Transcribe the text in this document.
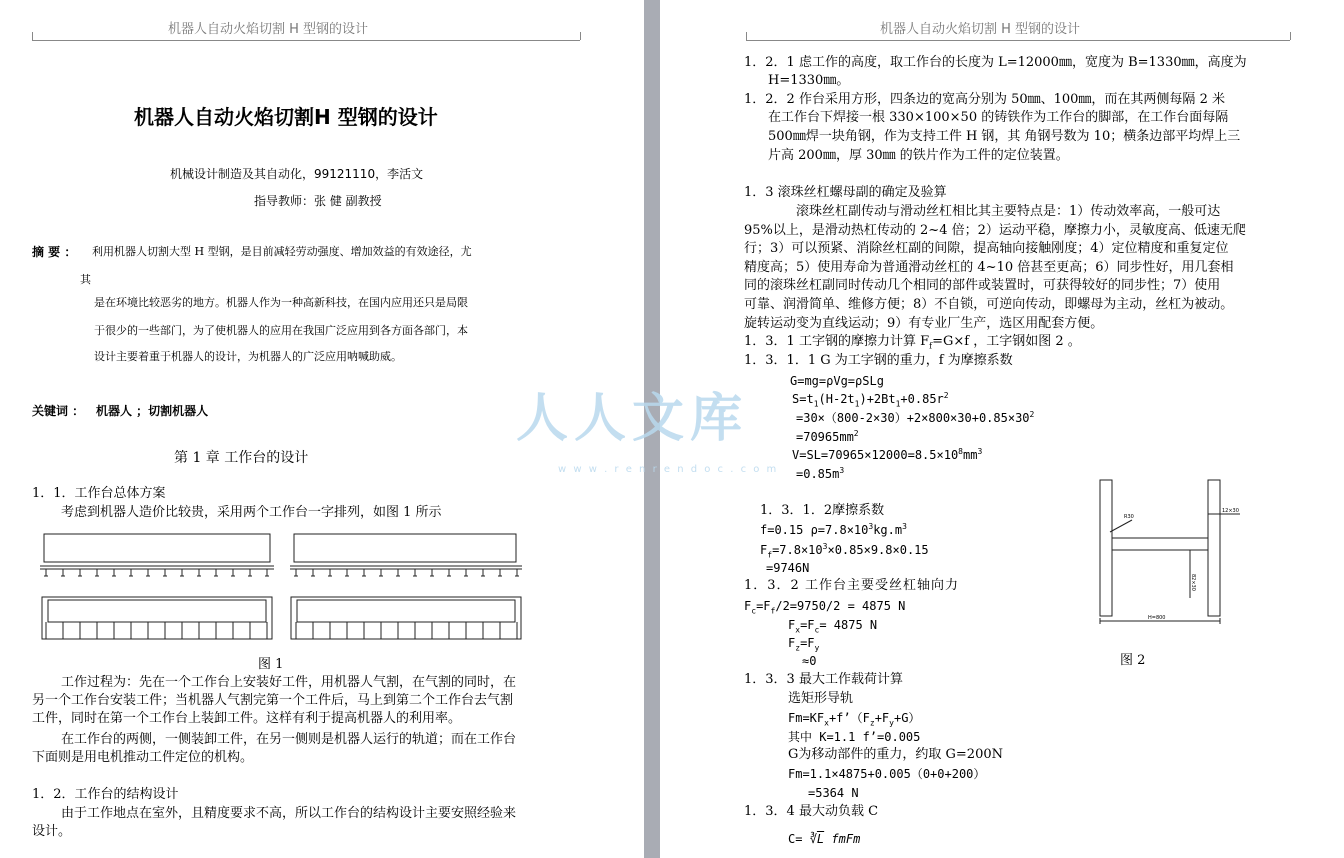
机器人自动火焰切割 H 型钢的设计
机器人自动火焰切割H 型钢的设计
机械设计制造及其自动化，99121110，李活文
指导教师：张 健 副教授
摘 要 ： 利用机器人切割大型 H 型钢，是目前减轻劳动强度、增加效益的有效途径，尤
其
是在环境比较恶劣的地方。机器人作为一种高新科技，在国内应用还只是局限
于很少的一些部门，为了使机器人的应用在我国广泛应用到各方面各部门，本
设计主要着重于机器人的设计，为机器人的广泛应用呐喊助威。
关键词 ： 机器人 ；切割机器人
第 1 章 工作台的设计
1．1．工作台总体方案
考虑到机器人造价比较贵，采用两个工作台一字排列，如图 1 所示
图 1
工作过程为：先在一个工作台上安装好工件，用机器人气割，在气割的同时，在
另一个工作台安装工件；当机器人气割完第一个工件后，马上到第二个工作台去气割
工件，同时在第一个工作台上装卸工件。这样有利于提高机器人的利用率。
在工作台的两侧，一侧装卸工件，在另一侧则是机器人运行的轨道；而在工作台
下面则是用电机推动工件定位的机构。
1．2．工作台的结构设计
由于工作地点在室外，且精度要求不高，所以工作台的结构设计主要安照经验来
设计。
机器人自动火焰切割 H 型钢的设计
1．2．1 虑工作的高度，取工作台的长度为 L=12000㎜，宽度为 B=1330㎜，高度为
H=1330㎜。
1．2．2 作台采用方形，四条边的宽高分别为 50㎜、100㎜，而在其两侧每隔 2 米
在工作台下焊接一根 330×100×50 的铸铁作为工作台的脚部，在工作台面每隔
500㎜焊一块角钢，作为支持工件 H 钢，其 角钢号数为 10；横条边部平均焊上三
片高 200㎜，厚 30㎜ 的铁片作为工件的定位装置。
1．3 滚珠丝杠螺母副的确定及验算
滚珠丝杠副传动与滑动丝杠相比其主要特点是：1）传动效率高，一般可达
95%以上，是滑动热杠传动的 2~4 倍；2）运动平稳，摩擦力小，灵敏度高、低速无爬
行；3）可以预紧、消除丝杠副的间隙，提高轴向接触刚度；4）定位精度和重复定位
精度高；5）使用寿命为普通滑动丝杠的 4~10 倍甚至更高；6）同步性好，用几套相
同的滚珠丝杠副同时传动几个相同的部件或装置时，可获得较好的同步性；7）使用
可靠、润滑简单、维修方便；8）不自锁，可逆向传动，即螺母为主动，丝杠为被动。
旋转运动变为直线运动；9）有专业厂生产，选区用配套方便。
1．3．1 工字钢的摩擦力计算 $F_f=G\times f$ ，工字钢如图 2 。
1．3．1．1 G 为工字钢的重力，f 为摩擦系数
G=mg=ρVg=ρSLg
$S=t_1(H-2t_1)+2Bt_1+0.85r^2$
$=30\times(800-2\times 30)+2\times 800\times 30+0.85\times 30^2$
$=70965mm^2$
$V=SL=70965\times 12000=8.5\times 10^8mm^3$
$=0.85m^3$
1．3．1．2摩擦系数
f=0.15 $\rho=7.8\times 10^3kg.m^3$
$F_f=7.8\times 10^3\times 0.85\times 9.8\times 0.15$
=9746N
1．3．2 工作台主要受丝杠轴向力
$F_c=F_f/2=9750/2 = 4875$ N
$F_x=F_c= 4875$ N
$F_z=F_y$
≈0
R30
12×30
82×30
H=800
图 2
1．3．3 最大工作载荷计算
选矩形导轨
$Fm=KF_x+f’(F_z+F_y+G)$
其中 K=1.1 f’=0.005
G为移动部件的重力，约取 G=200N
Fm=1.1×4875+0.005（0+0+200）
=5364 N
1．3．4 最大动负载 C
$C= ∛\overline{L}$ fmFm
人人文库
w w w . r e n r e n d o c . c o m
